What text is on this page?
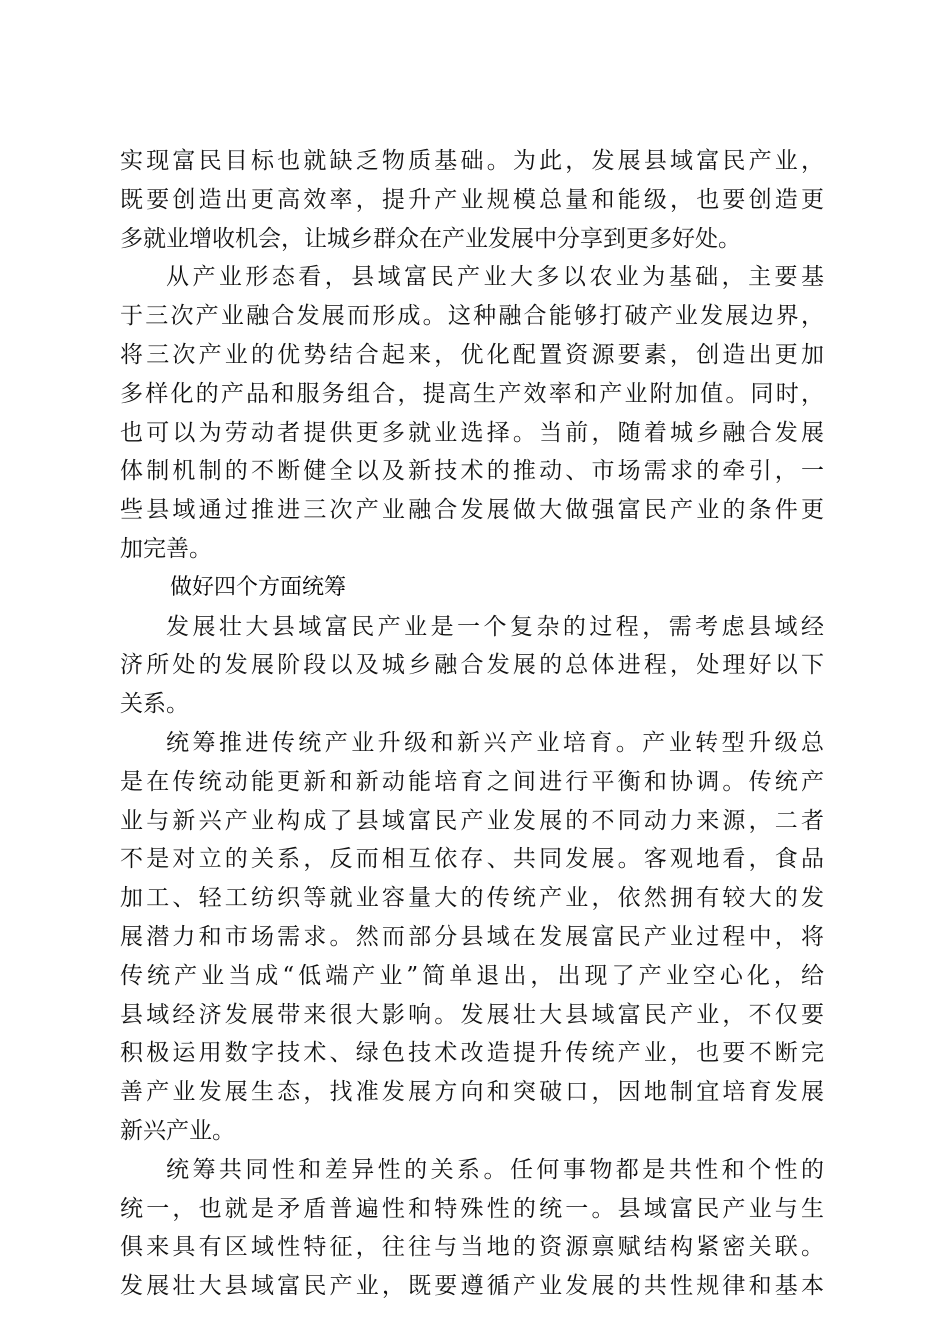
实现富民目标也就缺乏物质基础。为此，发展县域富民产业，
既要创造出更高效率，提升产业规模总量和能级，也要创造更
多就业增收机会，让城乡群众在产业发展中分享到更多好处。
从产业形态看，县域富民产业大多以农业为基础，主要基
于三次产业融合发展而形成。这种融合能够打破产业发展边界，
将三次产业的优势结合起来，优化配置资源要素，创造出更加
多样化的产品和服务组合，提高生产效率和产业附加值。同时，
也可以为劳动者提供更多就业选择。当前，随着城乡融合发展
体制机制的不断健全以及新技术的推动、市场需求的牵引，一
些县域通过推进三次产业融合发展做大做强富民产业的条件更
加完善。
做好四个方面统筹
发展壮大县域富民产业是一个复杂的过程，需考虑县域经
济所处的发展阶段以及城乡融合发展的总体进程，处理好以下
关系。
统筹推进传统产业升级和新兴产业培育。产业转型升级总
是在传统动能更新和新动能培育之间进行平衡和协调。传统产
业与新兴产业构成了县域富民产业发展的不同动力来源，二者
不是对立的关系，反而相互依存、共同发展。客观地看，食品
加工、轻工纺织等就业容量大的传统产业，依然拥有较大的发
展潜力和市场需求。然而部分县域在发展富民产业过程中，将
传统产业当成“低端产业”简单退出，出现了产业空心化，给
县域经济发展带来很大影响。发展壮大县域富民产业，不仅要
积极运用数字技术、绿色技术改造提升传统产业，也要不断完
善产业发展生态，找准发展方向和突破口，因地制宜培育发展
新兴产业。
统筹共同性和差异性的关系。任何事物都是共性和个性的
统一，也就是矛盾普遍性和特殊性的统一。县域富民产业与生
俱来具有区域性特征，往往与当地的资源禀赋结构紧密关联。
发展壮大县域富民产业，既要遵循产业发展的共性规律和基本
